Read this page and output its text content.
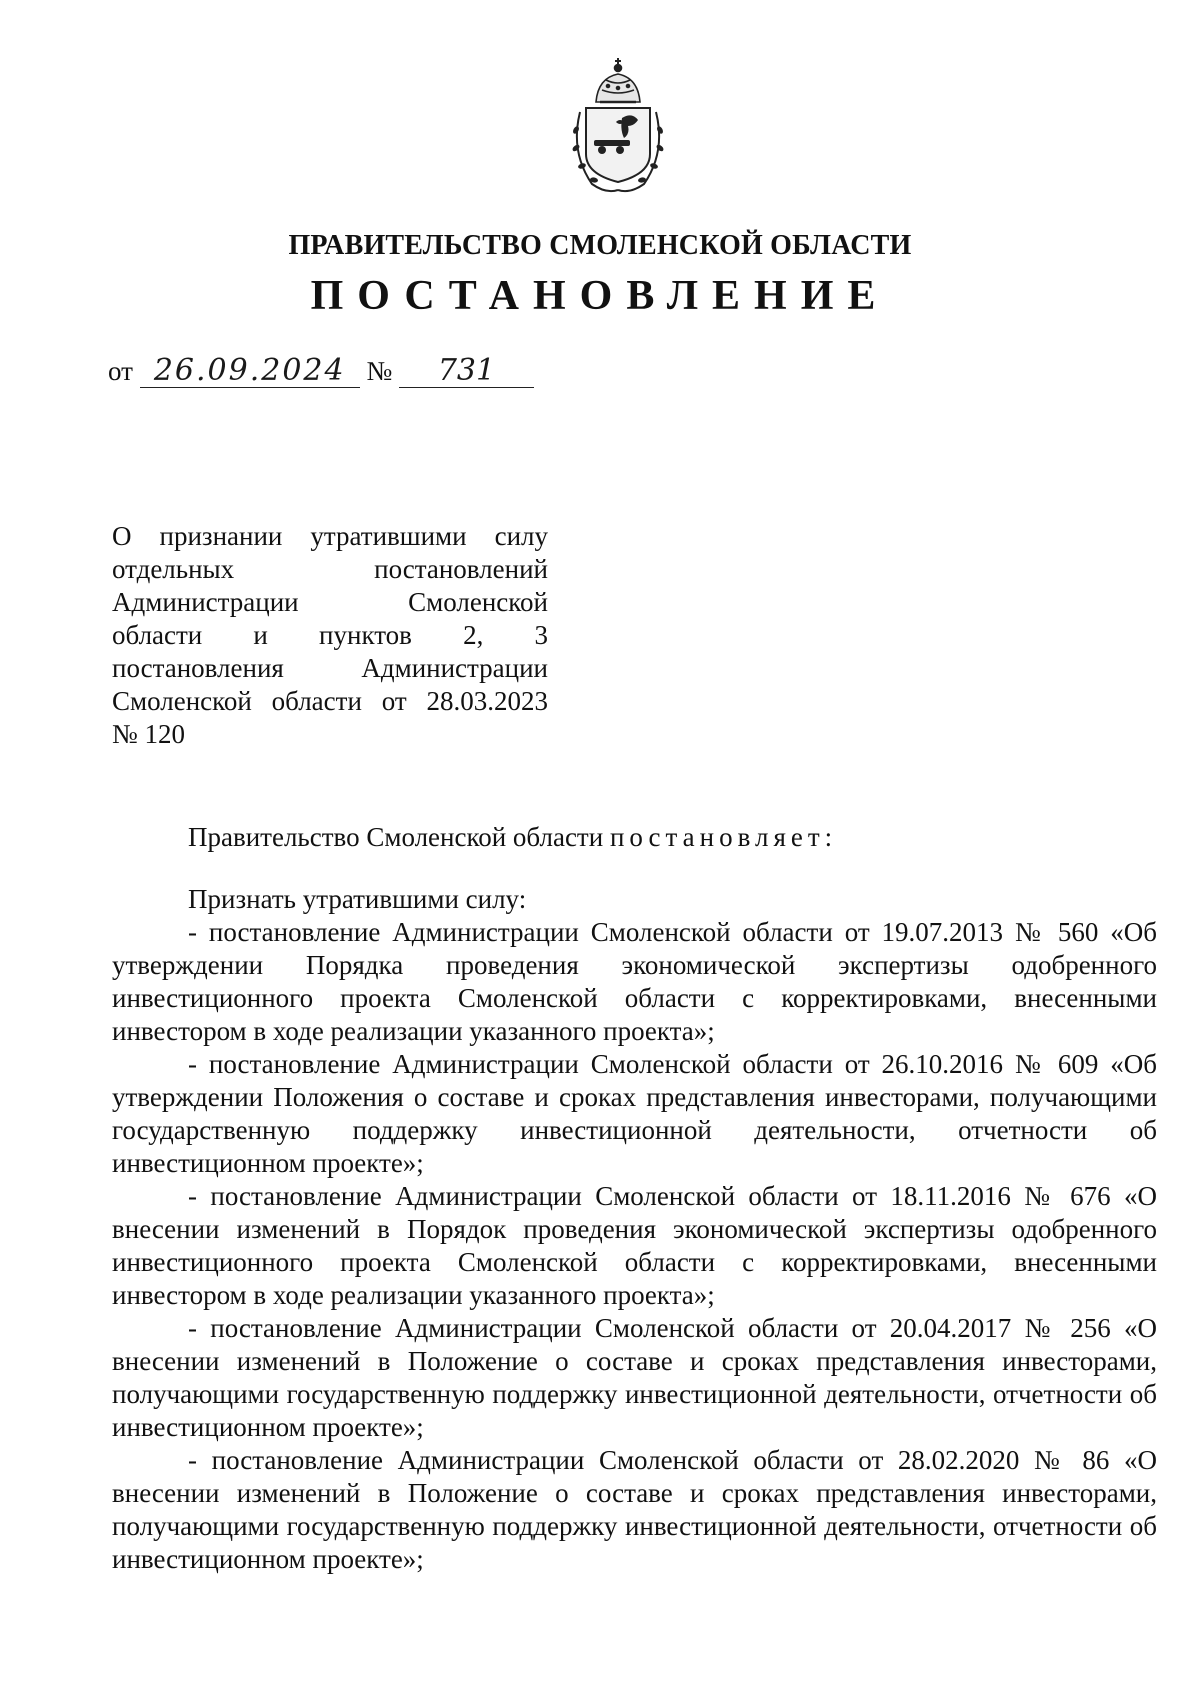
ПРАВИТЕЛЬСТВО СМОЛЕНСКОЙ ОБЛАСТИ
ПОСТАНОВЛЕНИЕ
от 26.09.2024 № 731
О признании утратившими силу
отдельных постановлений
Администрации Смоленской
области и пунктов 2, 3
постановления Администрации
Смоленской области от 28.03.2023
№ 120
Правительство Смоленской области постановляет:

Признать утратившими силу:

- постановление Администрации Смоленской области от 19.07.2013 № 560 «Об утверждении Порядка проведения экономической экспертизы одобренного инвестиционного проекта Смоленской области с корректировками, внесенными инвестором в ходе реализации указанного проекта»;

- постановление Администрации Смоленской области от 26.10.2016 № 609 «Об утверждении Положения о составе и сроках представления инвесторами, получающими государственную поддержку инвестиционной деятельности, отчетности об инвестиционном проекте»;

- постановление Администрации Смоленской области от 18.11.2016 № 676 «О внесении изменений в Порядок проведения экономической экспертизы одобренного инвестиционного проекта Смоленской области с корректировками, внесенными инвестором в ходе реализации указанного проекта»;

- постановление Администрации Смоленской области от 20.04.2017 № 256 «О внесении изменений в Положение о составе и сроках представления инвесторами, получающими государственную поддержку инвестиционной деятельности, отчетности об инвестиционном проекте»;

- постановление Администрации Смоленской области от 28.02.2020 № 86 «О внесении изменений в Положение о составе и сроках представления инвесторами, получающими государственную поддержку инвестиционной деятельности, отчетности об инвестиционном проекте»;
